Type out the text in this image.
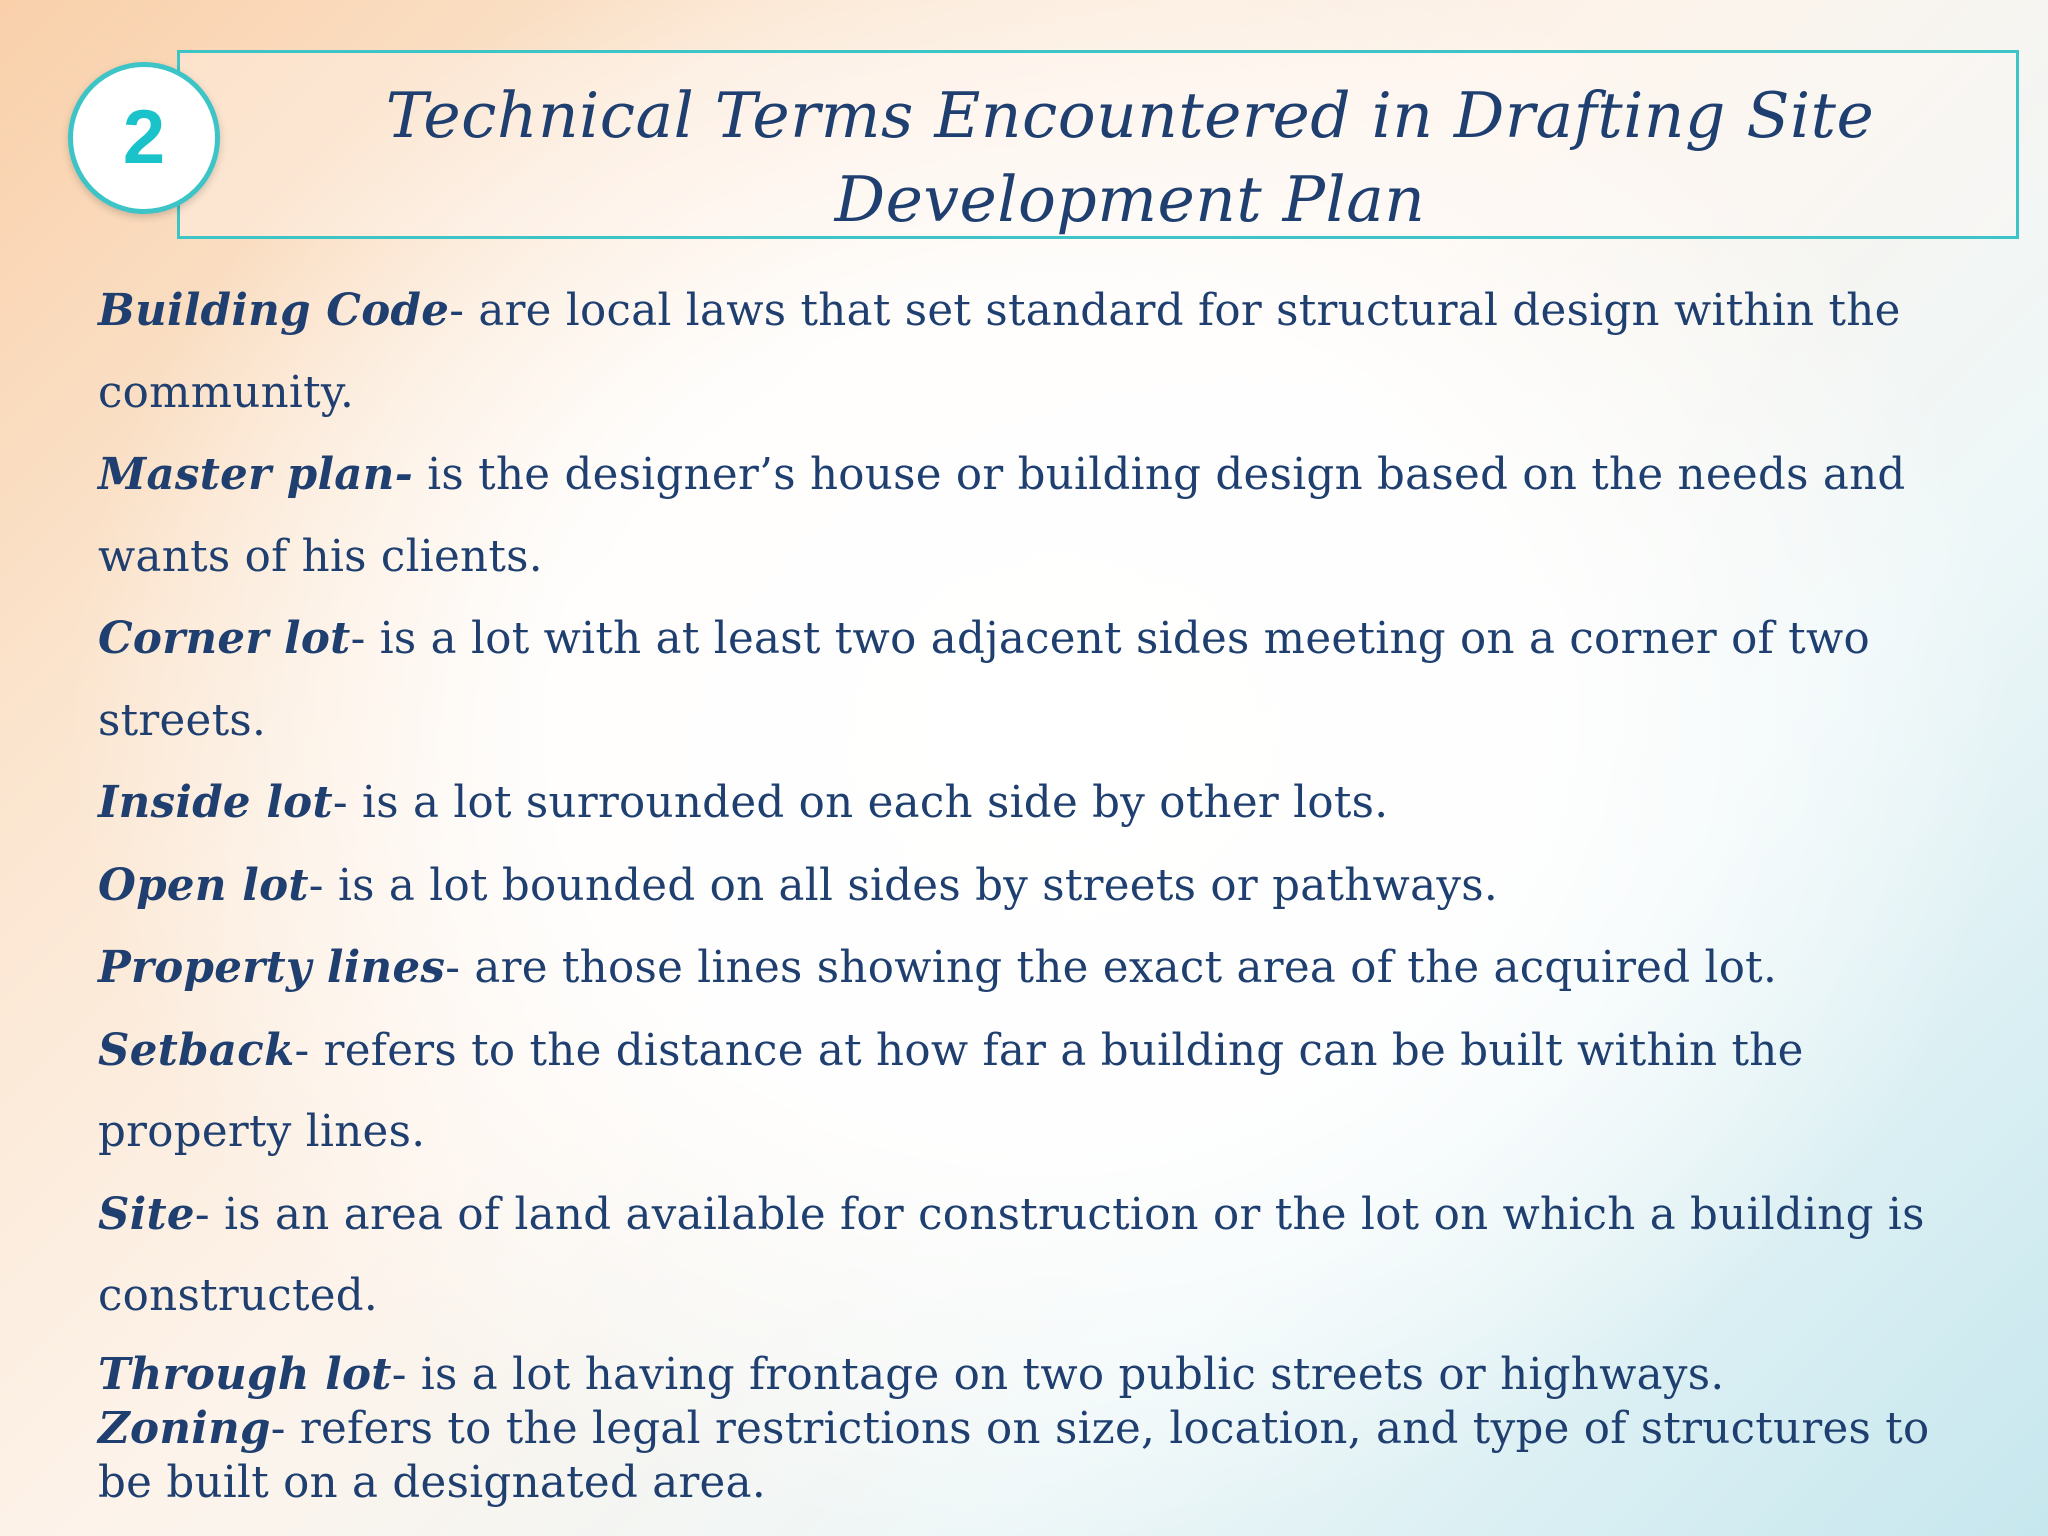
2	Technical Terms Encountered in Drafting Site Development Plan
Building Code- are local laws that set standard for structural design within the community.
Master plan- is the designer’s house or building design based on the needs and wants of his clients.
Corner lot- is a lot with at least two adjacent sides meeting on a corner of two streets.
Inside lot- is a lot surrounded on each side by other lots.
Open lot- is a lot bounded on all sides by streets or pathways.
Property lines- are those lines showing the exact area of the acquired lot.
Setback- refers to the distance at how far a building can be built within the property lines.
Site- is an area of land available for construction or the lot on which a building is constructed.
Through lot- is a lot having frontage on two public streets or highways.
Zoning- refers to the legal restrictions on size, location, and type of structures to be built on a designated area.
